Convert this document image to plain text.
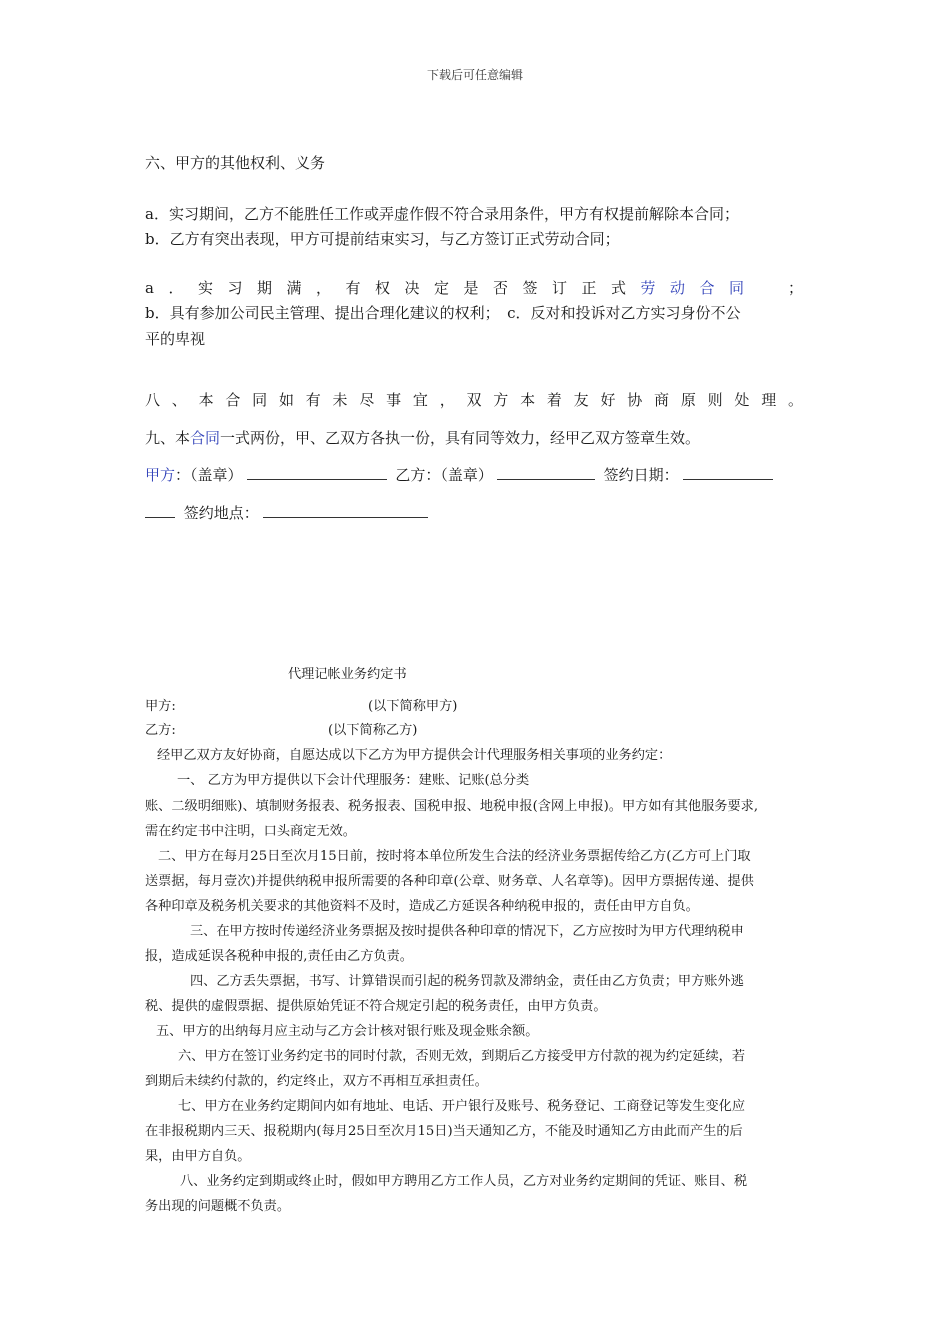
下载后可任意编辑
六、甲方的其他权利、义务
a．实习期间，乙方不能胜任工作或弄虚作假不符合录用条件，甲方有权提前解除本合同；
b．乙方有突出表现，甲方可提前结束实习，与乙方签订正式劳动合同；
a．实习期满，有权决定是否签订正式劳动合同　 ；
b．具有参加公司民主管理、提出合理化建议的权利；　c．反对和投诉对乙方实习身份不公
平的卑视
八、本合同如有未尽事宜，双方本着友好协商原则处理。
九、本合同一式两份，甲、乙双方各执一份，具有同等效力，经甲乙双方签章生效。
甲方：（盖章）	乙方：（盖章）	签约日期：
签约地点：
代理记帐业务约定书
甲方:	(以下简称甲方)
乙方:	(以下简称乙方)
经甲乙双方友好协商，自愿达成以下乙方为甲方提供会计代理服务相关事项的业务约定：
一、 乙方为甲方提供以下会计代理服务：建账、记账(总分类
账、二级明细账)、填制财务报表、税务报表、国税申报、地税申报(含网上申报)。甲方如有其他服务要求,
需在约定书中注明，口头商定无效。
二、甲方在每月25日至次月15日前，按时将本单位所发生合法的经济业务票据传给乙方(乙方可上门取
送票据，每月壹次)并提供纳税申报所需要的各种印章(公章、财务章、人名章等)。因甲方票据传递、提供
各种印章及税务机关要求的其他资料不及时，造成乙方延误各种纳税申报的，责任由甲方自负。
三、在甲方按时传递经济业务票据及按时提供各种印章的情况下，乙方应按时为甲方代理纳税申
报，造成延误各税种申报的,责任由乙方负责。
四、乙方丢失票据，书写、计算错误而引起的税务罚款及滞纳金，责任由乙方负责；甲方账外逃
税、提供的虚假票据、提供原始凭证不符合规定引起的税务责任，由甲方负责。
五、甲方的出纳每月应主动与乙方会计核对银行账及现金账余额。
六、甲方在签订业务约定书的同时付款，否则无效，到期后乙方接受甲方付款的视为约定延续，若
到期后未续约付款的，约定终止，双方不再相互承担责任。
七、甲方在业务约定期间内如有地址、电话、开户银行及账号、税务登记、工商登记等发生变化应
在非报税期内三天、报税期内(每月25日至次月15日)当天通知乙方，不能及时通知乙方由此而产生的后
果，由甲方自负。
八、业务约定到期或终止时，假如甲方聘用乙方工作人员，乙方对业务约定期间的凭证、账目、税
务出现的问题概不负责。
